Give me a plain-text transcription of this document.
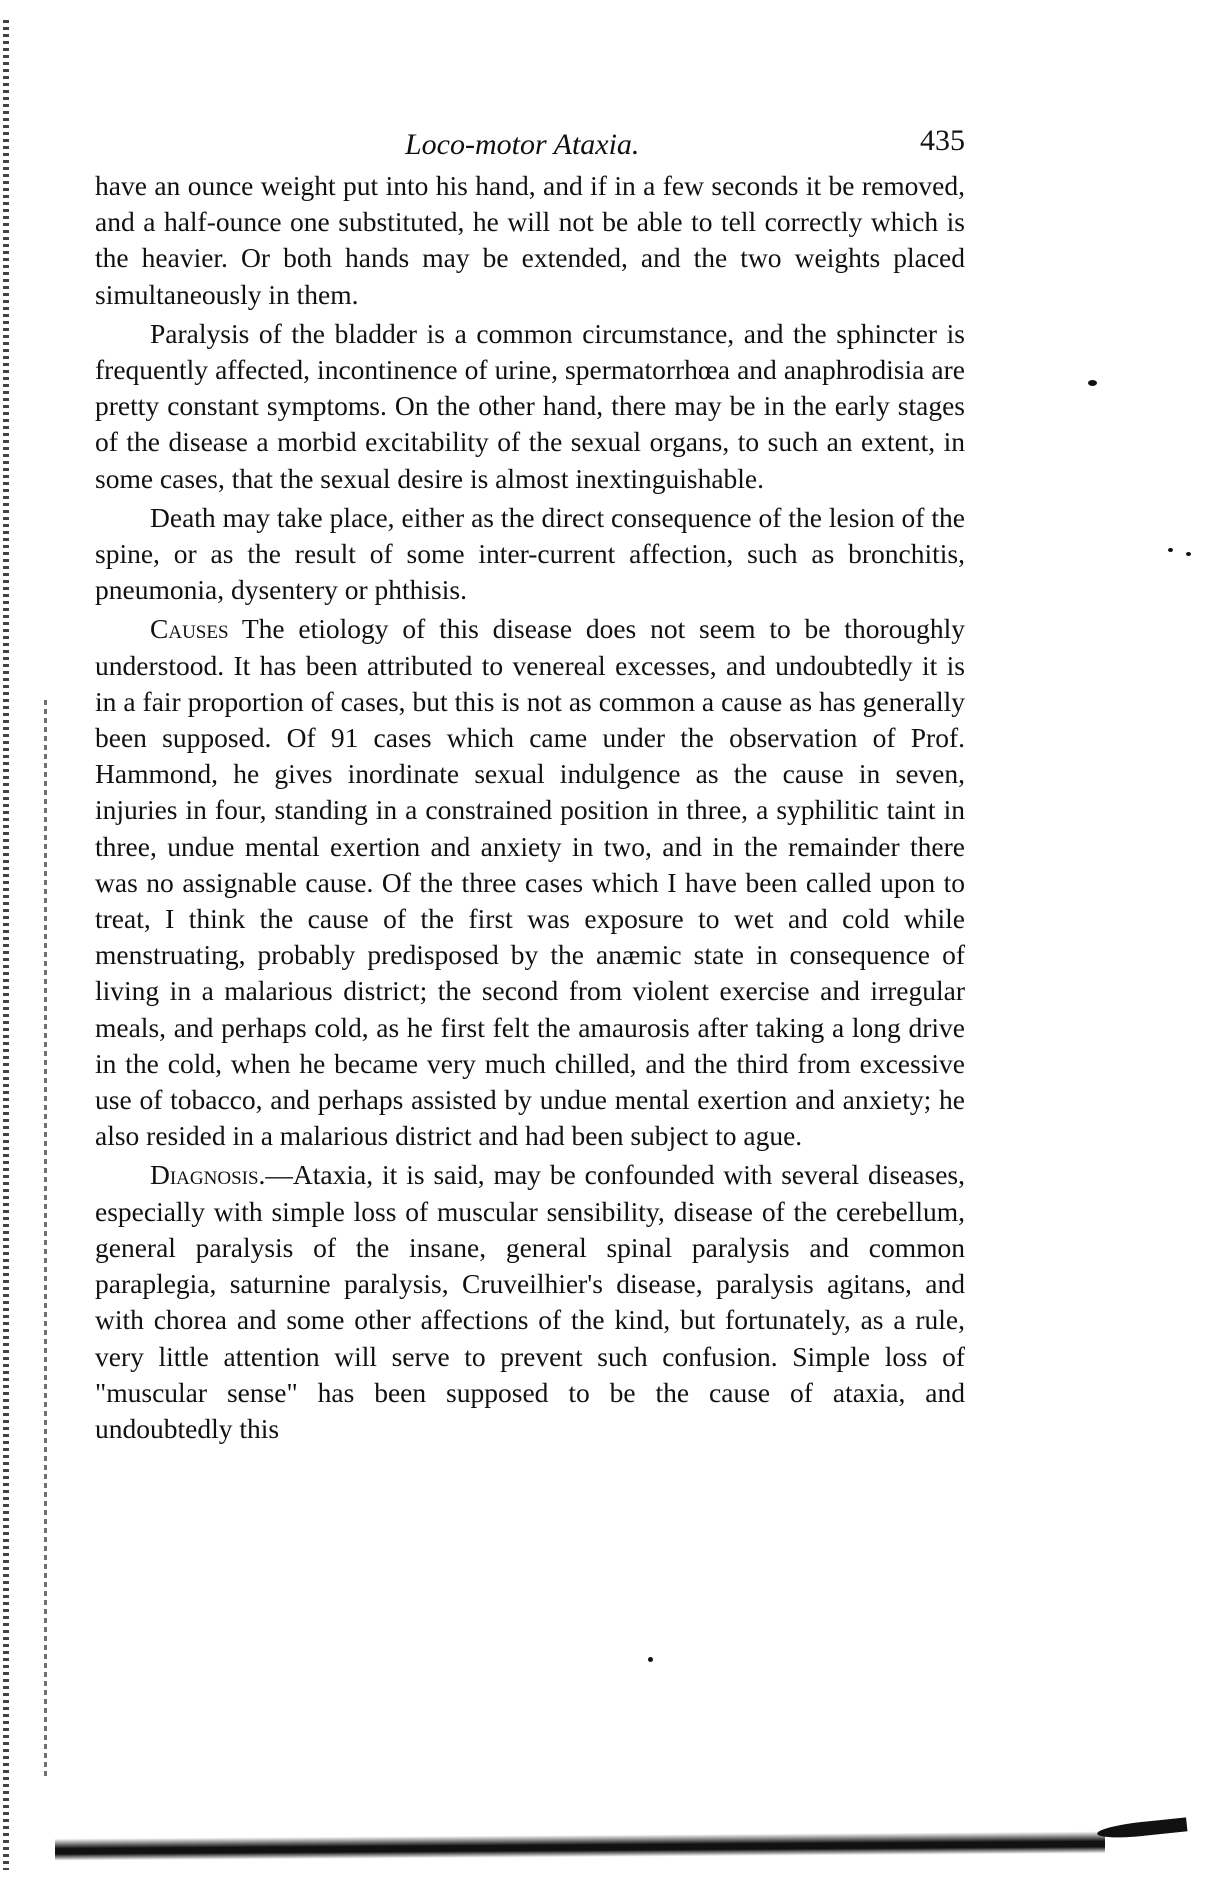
Loco-motor Ataxia.	435

have an ounce weight put into his hand, and if in a few seconds it be removed, and a half-ounce one substituted, he will not be able to tell correctly which is the heavier. Or both hands may be extended, and the two weights placed simultaneously in them.

Paralysis of the bladder is a common circumstance, and the sphincter is frequently affected, incontinence of urine, spermatorrhœa and anaphrodisia are pretty constant symptoms. On the other hand, there may be in the early stages of the disease a morbid excitability of the sexual organs, to such an extent, in some cases, that the sexual desire is almost inextinguishable.

Death may take place, either as the direct consequence of the lesion of the spine, or as the result of some inter-current affection, such as bronchitis, pneumonia, dysentery or phthisis.

Causes The etiology of this disease does not seem to be thoroughly understood. It has been attributed to venereal excesses, and undoubtedly it is in a fair proportion of cases, but this is not as common a cause as has generally been supposed. Of 91 cases which came under the observation of Prof. Hammond, he gives inordinate sexual indulgence as the cause in seven, injuries in four, standing in a constrained position in three, a syphilitic taint in three, undue mental exertion and anxiety in two, and in the remainder there was no assignable cause. Of the three cases which I have been called upon to treat, I think the cause of the first was exposure to wet and cold while menstruating, probably predisposed by the anæmic state in consequence of living in a malarious district; the second from violent exercise and irregular meals, and perhaps cold, as he first felt the amaurosis after taking a long drive in the cold, when he became very much chilled, and the third from excessive use of tobacco, and perhaps assisted by undue mental exertion and anxiety; he also resided in a malarious district and had been subject to ague.

Diagnosis.—Ataxia, it is said, may be confounded with several diseases, especially with simple loss of muscular sensibility, disease of the cerebellum, general paralysis of the insane, general spinal paralysis and common paraplegia, saturnine paralysis, Cruveilhier's disease, paralysis agitans, and with chorea and some other affections of the kind, but fortunately, as a rule, very little attention will serve to prevent such confusion. Simple loss of "muscular sense" has been supposed to be the cause of ataxia, and undoubtedly this
